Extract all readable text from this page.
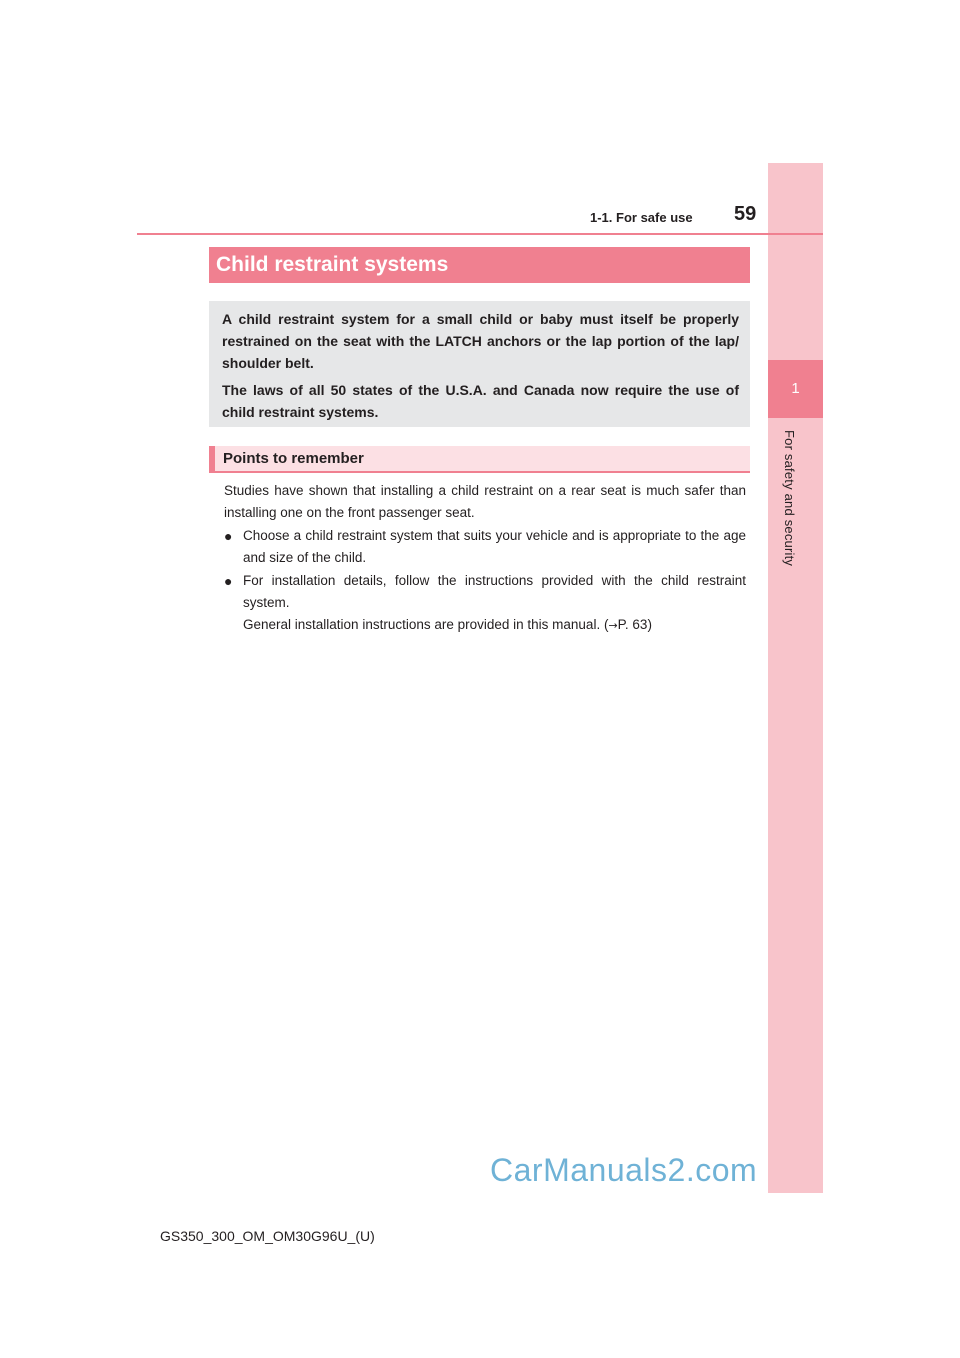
1
For safety and security
1-1. For safe use 59
Child restraint systems

A child restraint system for a small child or baby must itself be properly restrained on the seat with the LATCH anchors or the lap portion of the lap/ shoulder belt.

The laws of all 50 states of the U.S.A. and Canada now require the use of child restraint systems.

Points to remember

Studies have shown that installing a child restraint on a rear seat is much safer than installing one on the front passenger seat.

● Choose a child restraint system that suits your vehicle and is appropriate to the age and size of the child.
● For installation details, follow the instructions provided with the child restraint system.
General installation instructions are provided in this manual. (→P. 63)
CarManuals2.com
GS350_300_OM_OM30G96U_(U)
